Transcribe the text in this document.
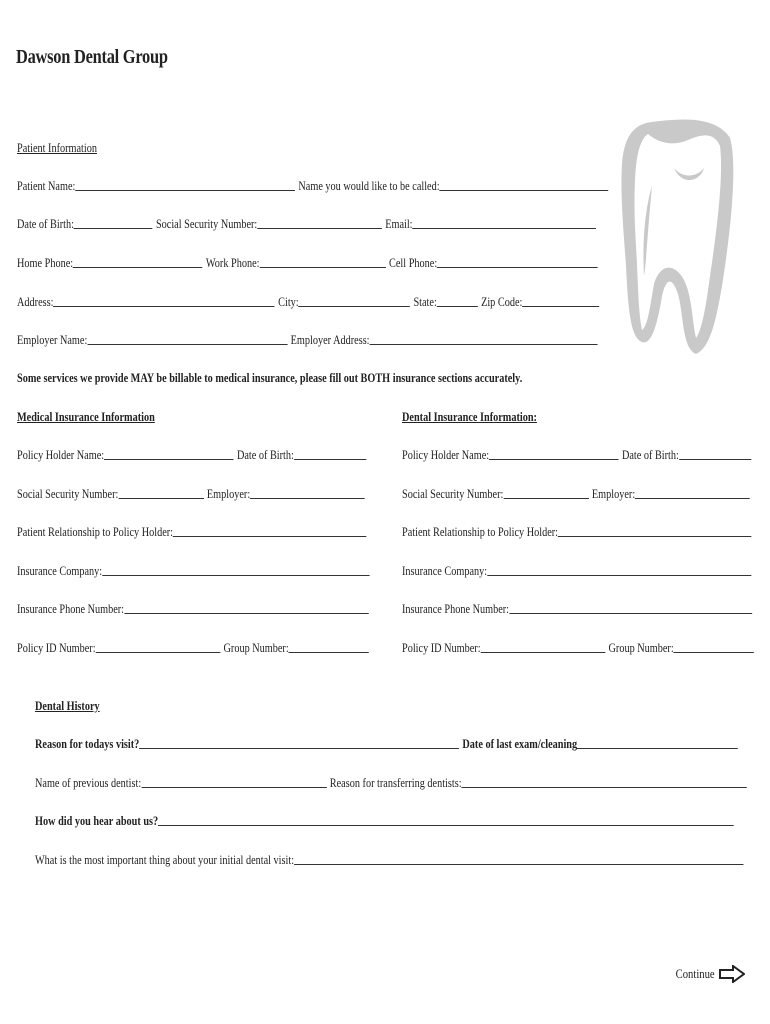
Dawson Dental Group
Patient Information
Patient Name:	Name you would like to be called:
Date of Birth:	Social Security Number:	Email:
Home Phone:	Work Phone:	Cell Phone:
Address:	City:	State:	Zip Code:
Employer Name:	Employer Address:
Some services we provide MAY be billable to medical insurance, please fill out BOTH insurance sections accurately.
Medical Insurance Information
Policy Holder Name:	Date of Birth:
Social Security Number:	Employer:
Patient Relationship to Policy Holder:
Insurance Company:
Insurance Phone Number:
Policy ID Number:	Group Number:
Dental Insurance Information:
Policy Holder Name:	Date of Birth:
Social Security Number:	Employer:
Patient Relationship to Policy Holder:
Insurance Company:
Insurance Phone Number:
Policy ID Number:	Group Number:
Dental History
Reason for todays visit?	Date of last exam/cleaning
Name of previous dentist:	Reason for transferring dentists:
How did you hear about us?
What is the most important thing about your initial dental visit:
Continue
